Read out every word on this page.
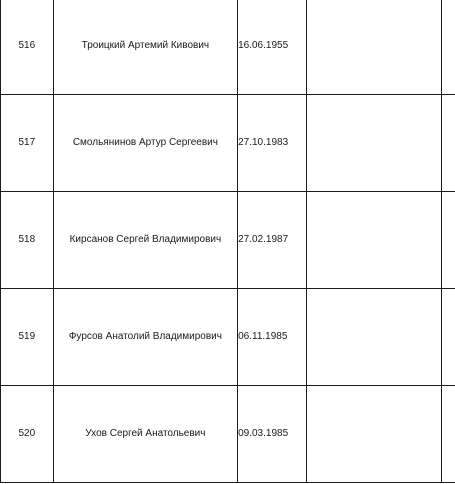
516	Троицкий Артемий Кивович	16.06.1955		
517	Смольянинов Артур Сергеевич	27.10.1983		
518	Кирсанов Сергей Владимирович	27.02.1987		
519	Фурсов Анатолий Владимирович	06.11.1985		
520	Ухов Сергей Анатольевич	09.03.1985		
